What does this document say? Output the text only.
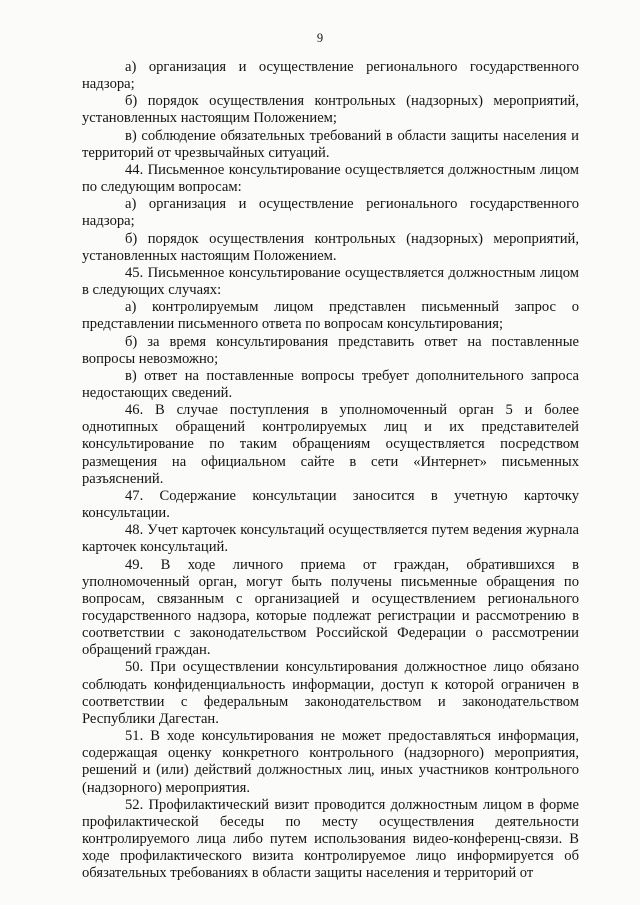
9

а) организация и осуществление регионального государственного надзора;

б) порядок осуществления контрольных (надзорных) мероприятий, установленных настоящим Положением;

в) соблюдение обязательных требований в области защиты населения и территорий от чрезвычайных ситуаций.

44. Письменное консультирование осуществляется должностным лицом по следующим вопросам:

а) организация и осуществление регионального государственного надзора;

б) порядок осуществления контрольных (надзорных) мероприятий, установленных настоящим Положением.

45. Письменное консультирование осуществляется должностным лицом в следующих случаях:

а) контролируемым лицом представлен письменный запрос о представлении письменного ответа по вопросам консультирования;

б) за время консультирования представить ответ на поставленные вопросы невозможно;

в) ответ на поставленные вопросы требует дополнительного запроса недостающих сведений.

46. В случае поступления в уполномоченный орган 5 и более однотипных обращений контролируемых лиц и их представителей консультирование по таким обращениям осуществляется посредством размещения на официальном сайте в сети «Интернет» письменных разъяснений.

47. Содержание консультации заносится в учетную карточку консультации.

48. Учет карточек консультаций осуществляется путем ведения журнала карточек консультаций.

49. В ходе личного приема от граждан, обратившихся в уполномоченный орган, могут быть получены письменные обращения по вопросам, связанным с организацией и осуществлением регионального государственного надзора, которые подлежат регистрации и рассмотрению в соответствии с законодательством Российской Федерации о рассмотрении обращений граждан.

50. При осуществлении консультирования должностное лицо обязано соблюдать конфиденциальность информации, доступ к которой ограничен в соответствии с федеральным законодательством и законодательством Республики Дагестан.

51. В ходе консультирования не может предоставляться информация, содержащая оценку конкретного контрольного (надзорного) мероприятия, решений и (или) действий должностных лиц, иных участников контрольного (надзорного) мероприятия.

52. Профилактический визит проводится должностным лицом в форме профилактической беседы по месту осуществления деятельности контролируемого лица либо путем использования видео-конференц-связи. В ходе профилактического визита контролируемое лицо информируется об обязательных требованиях в области защиты населения и территорий от
